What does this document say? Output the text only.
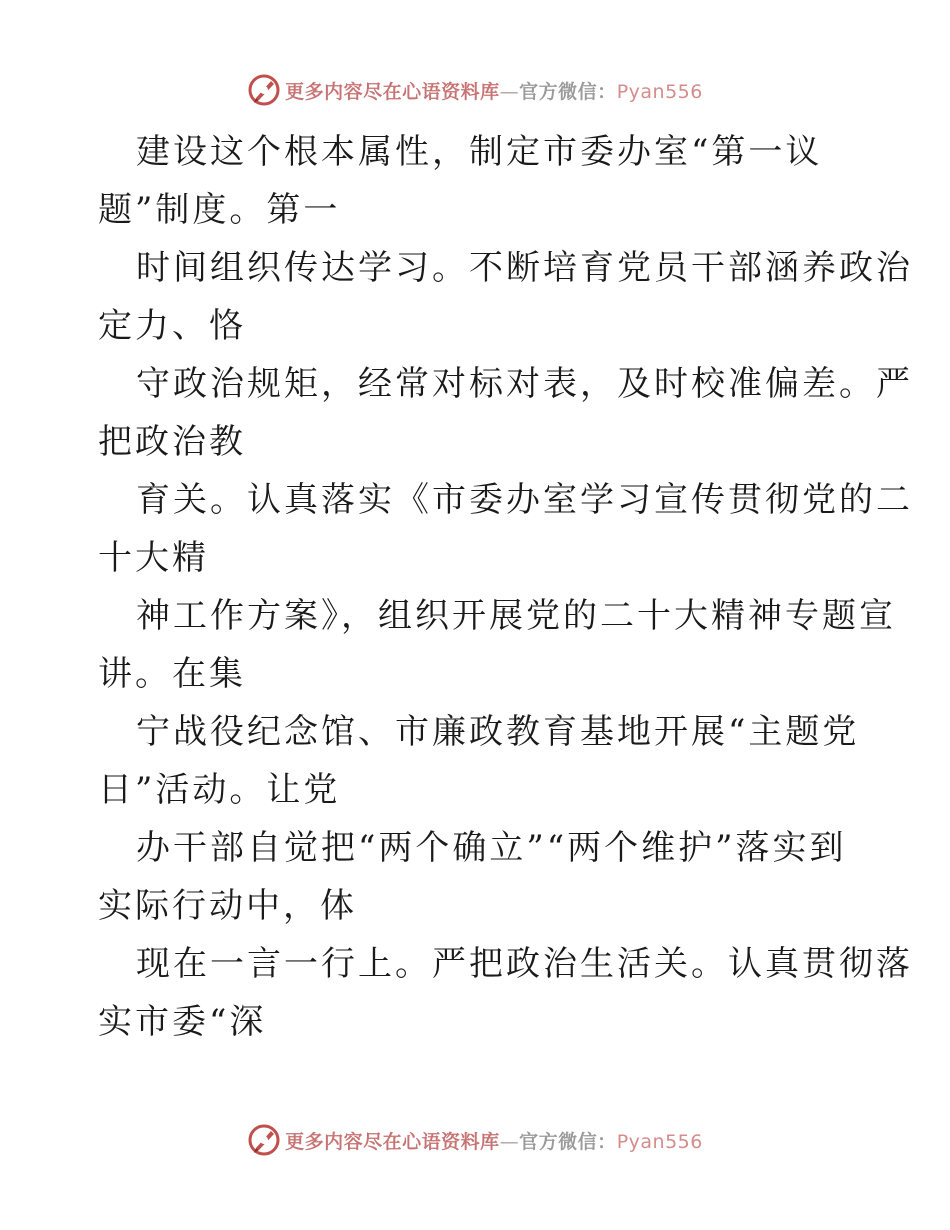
更多内容尽在心语资料库—官方微信：Pyan556

建设这个根本属性，制定市委办室“第一议
题”制度。第一

时间组织传达学习。不断培育党员干部涵养政治
定力、恪

守政治规矩，经常对标对表，及时校准偏差。严
把政治教

育关。认真落实《市委办室学习宣传贯彻党的二
十大精

神工作方案》，组织开展党的二十大精神专题宣
讲。在集

宁战役纪念馆、市廉政教育基地开展“主题党
日”活动。让党

办干部自觉把“两个确立”“两个维护”落实到
实际行动中，体

现在一言一行上。严把政治生活关。认真贯彻落
实市委“深

更多内容尽在心语资料库—官方微信：Pyan556
